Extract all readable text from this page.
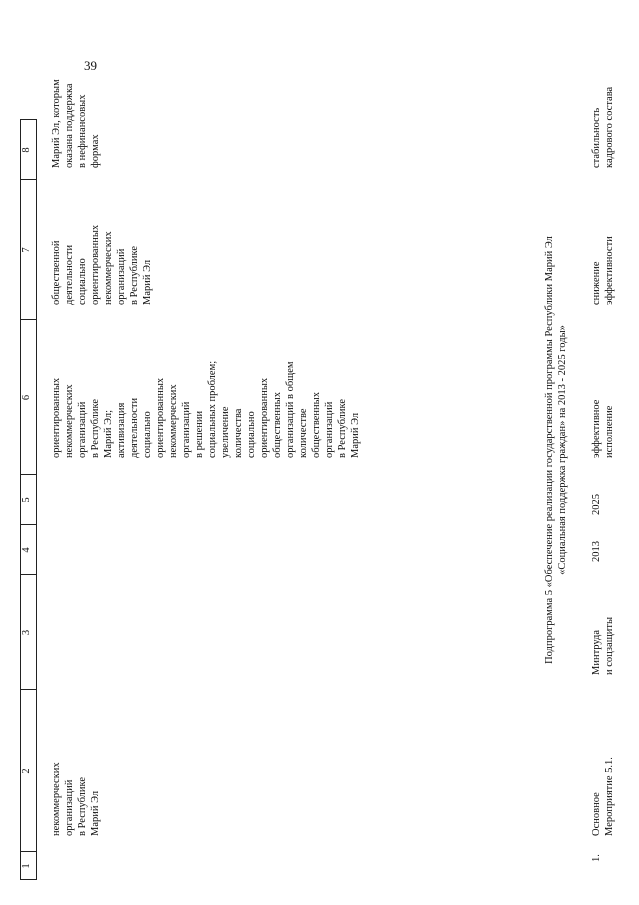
39
1
2
3
4
5
6
7
8
некоммерческих организаций в Республике Марий Эл
ориентированных некоммерческих организаций в Республике Марий Эл; активизация деятельности социально ориентированных некоммерческих организаций в решении социальных проблем; увеличение количества социально ориентированных общественных организаций в общем количестве общественных организаций в Республике Марий Эл
общественной деятельности социально ориентированных некоммерческих организаций в Республике Марий Эл
Марий Эл, которым оказана поддержка в нефинансовых формах
Подпрограмма 5 «Обеспечение реализации государственной программы Республики Марий Эл «Социальная поддержка граждан» на 2013 - 2025 годы»
1.
Основное Мероприятие 5.1.
Минтруда и соцзащиты
2013
2025
эффективное исполнение
снижение эффективности
стабильность кадрового состава
